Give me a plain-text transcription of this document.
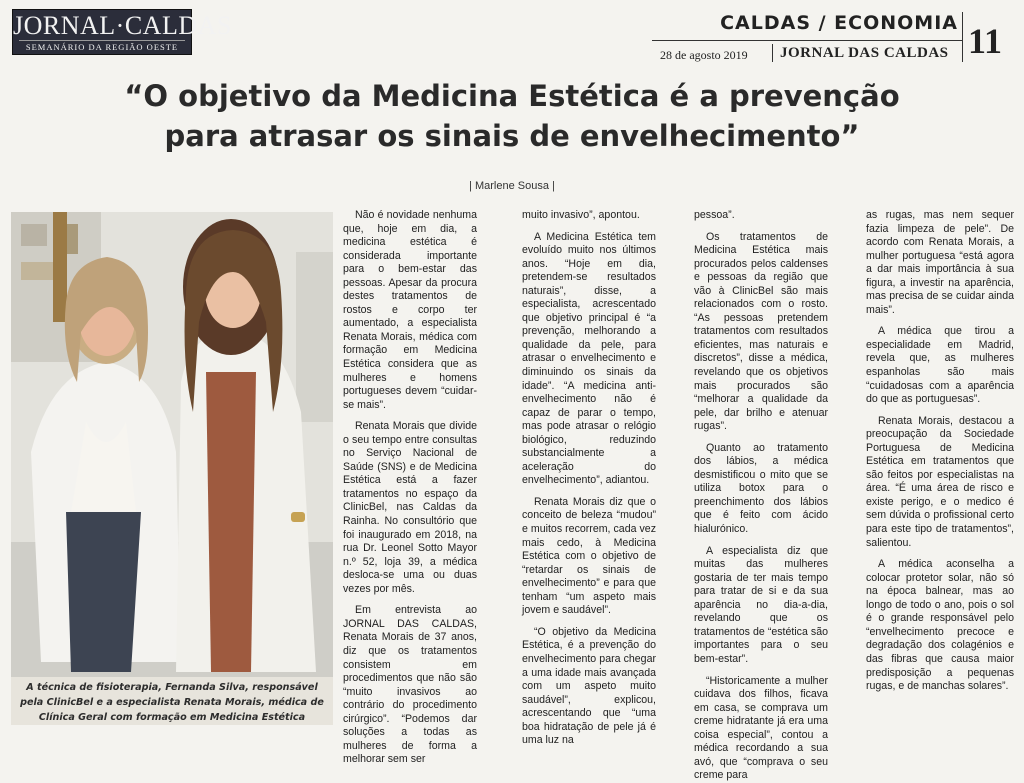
JORNAL·CALDAS
SEMANÁRIO DA REGIÃO OESTE
CALDAS / ECONOMIA 11
28 de agosto 2019 JORNAL DAS CALDAS
“O objetivo da Medicina Estética é a prevenção
para atrasar os sinais de envelhecimento”
| Marlene Sousa |
A técnica de fisioterapia, Fernanda Silva, responsável pela ClinicBel e a especialista Renata Morais, médica de Clínica Geral com formação em Medicina Estética

Não é novidade nenhuma que, hoje em dia, a medicina estética é considerada importante para o bem-estar das pessoas. Apesar da procura destes tratamentos de rostos e corpo ter aumentado, a especialista Renata Morais, médica com formação em Medicina Estética considera que as mulheres e homens portugueses devem “cuidar-se mais”.

Renata Morais que divide o seu tempo entre consultas no Serviço Nacional de Saúde (SNS) e de Medicina Estética está a fazer tratamentos no espaço da ClinicBel, nas Caldas da Rainha. No consultório que foi inaugurado em 2018, na rua Dr. Leonel Sotto Mayor n.º 52, loja 39, a médica desloca-se uma ou duas vezes por mês.

Em entrevista ao JORNAL DAS CALDAS, Renata Morais de 37 anos, diz que os tratamentos consistem em procedimentos que não são “muito invasivos ao contrário do procedimento cirúrgico”. “Podemos dar soluções a todas as mulheres de forma a melhorar sem ser

muito invasivo”, apontou.

A Medicina Estética tem evoluído muito nos últimos anos. “Hoje em dia, pretendem-se resultados naturais”, disse, a especialista, acrescentado que objetivo principal é “a prevenção, melhorando a qualidade da pele, para atrasar o envelhecimento e diminuindo os sinais da idade”. “A medicina anti-envelhecimento não é capaz de parar o tempo, mas pode atrasar o relógio biológico, reduzindo substancialmente a aceleração do envelhecimento”, adiantou.

Renata Morais diz que o conceito de beleza “mudou” e muitos recorrem, cada vez mais cedo, à Medicina Estética com o objetivo de “retardar os sinais de envelhecimento” e para que tenham “um aspeto mais jovem e saudável”.

“O objetivo da Medicina Estética, é a prevenção do envelhecimento para chegar a uma idade mais avançada com um aspeto muito saudável”, explicou, acrescentando que “uma boa hidratação de pele já é uma luz na

pessoa”.

Os tratamentos de Medicina Estética mais procurados pelos caldenses e pessoas da região que vão à ClinicBel são mais relacionados com o rosto. “As pessoas pretendem tratamentos com resultados eficientes, mas naturais e discretos”, disse a médica, revelando que os objetivos mais procurados são “melhorar a qualidade da pele, dar brilho e atenuar rugas”.

Quanto ao tratamento dos lábios, a médica desmistificou o mito que se utiliza botox para o preenchimento dos lábios que é feito com ácido hialurónico.

A especialista diz que muitas das mulheres gostaria de ter mais tempo para tratar de si e da sua aparência no dia-a-dia, revelando que os tratamentos de “estética são importantes para o seu bem-estar”.

“Historicamente a mulher cuidava dos filhos, ficava em casa, se comprava um creme hidratante já era uma coisa especial”, contou a médica recordando a sua avó, que “comprava o seu creme para

as rugas, mas nem sequer fazia limpeza de pele”. De acordo com Renata Morais, a mulher portuguesa “está agora a dar mais importância à sua figura, a investir na aparência, mas precisa de se cuidar ainda mais”.

A médica que tirou a especialidade em Madrid, revela que, as mulheres espanholas são mais “cuidadosas com a aparência do que as portuguesas”.

Renata Morais, destacou a preocupação da Sociedade Portuguesa de Medicina Estética em tratamentos que são feitos por especialistas na área. “É uma área de risco e existe perigo, e o medico é sem dúvida o profissional certo para este tipo de tratamentos”, salientou.

A médica aconselha a colocar protetor solar, não só na época balnear, mas ao longo de todo o ano, pois o sol é o grande responsável pelo “envelhecimento precoce e degradação dos colagénios e das fibras que causa maior predisposição a pequenas rugas, e de manchas solares”.
